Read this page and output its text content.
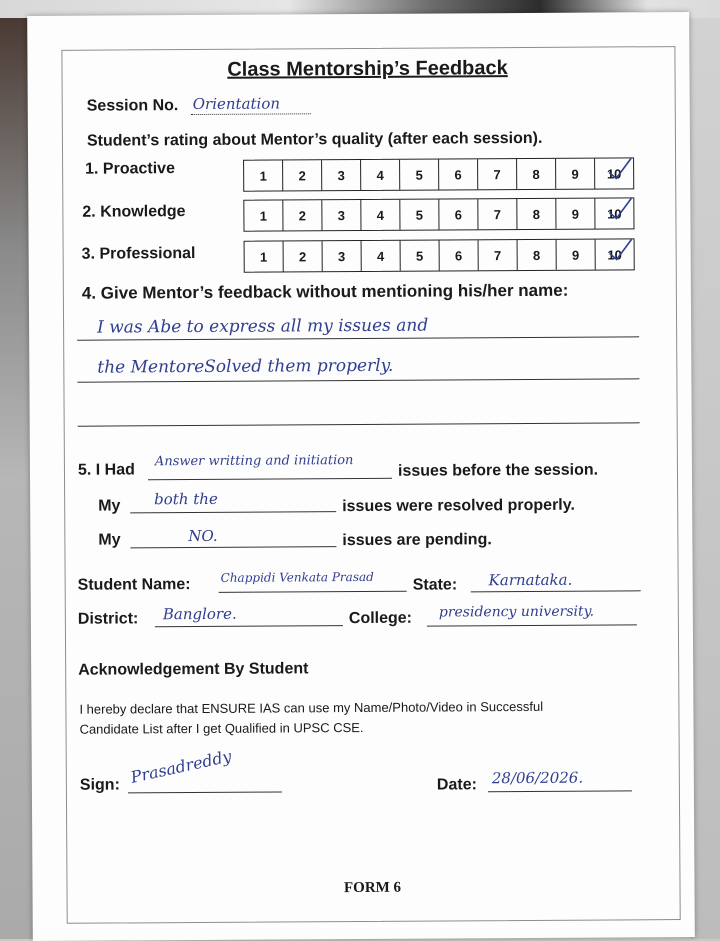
Class Mentorship’s Feedback
Session No. Orientation
Student’s rating about Mentor’s quality (after each session).
1. Proactive	1	2	3	4	5	6	7	8	9	10
2. Knowledge	1	2	3	4	5	6	7	8	9	10
3. Professional	1	2	3	4	5	6	7	8	9	10
4. Give Mentor’s feedback without mentioning his/her name:
I was Abe to express all my issues and
the MentoreSolved them properly.
5. I Had
Answer writting and initiation
issues before the session.
My both the	issues were resolved properly.
My	NO.	issues are pending.
Student Name: Chappidi Venkata Prasad State: Karnataka.
District: Banglore.	College: presidency university.
Acknowledgement By Student
I hereby declare that ENSURE IAS can use my Name/Photo/Video in Successful
Candidate List after I get Qualified in UPSC CSE.
Sign: Prasadreddy	Date: 28/06/2026.
FORM 6
